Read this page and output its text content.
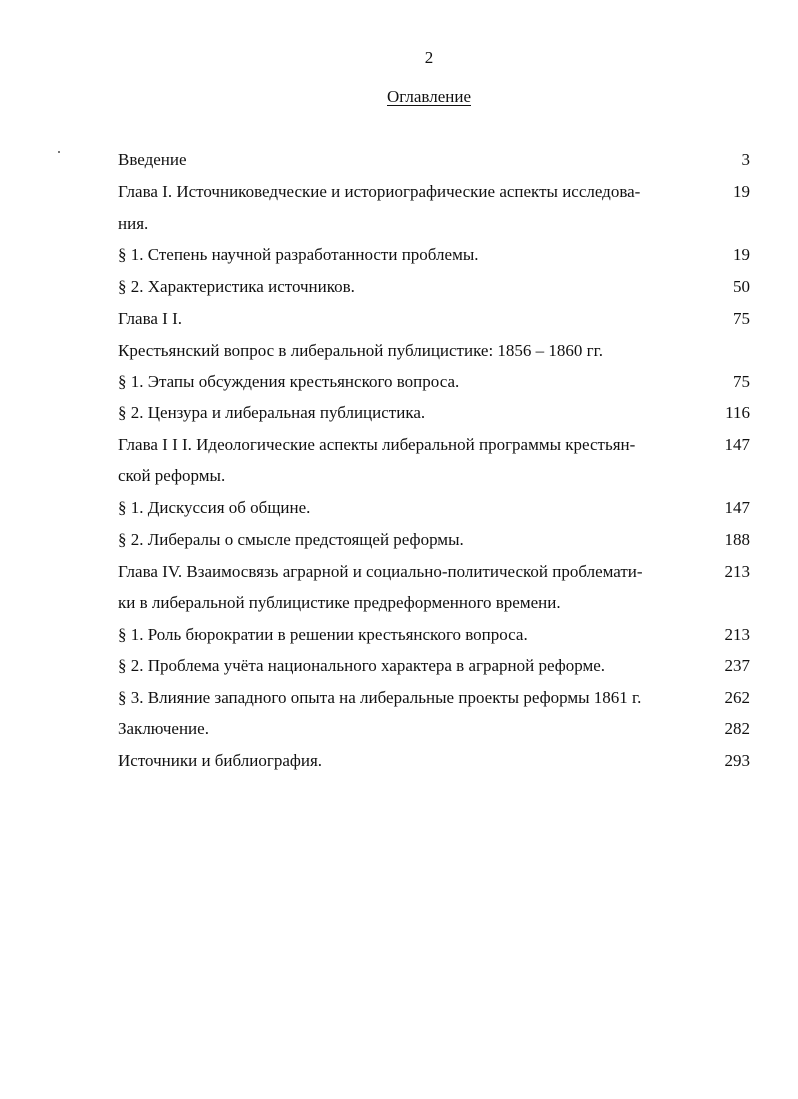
2
Оглавление
Введение	3
Глава I. Источниковедческие и историографические аспекты исследова-	19
ния.
§ 1. Степень научной разработанности проблемы.	19
§ 2. Характеристика источников.	50
Глава I I.	75
Крестьянский вопрос в либеральной публицистике: 1856 – 1860 гг.
§ 1. Этапы обсуждения крестьянского вопроса.	75
§ 2. Цензура и либеральная публицистика.	116
Глава I I I. Идеологические аспекты либеральной программы крестьян-	147
ской реформы.
§ 1. Дискуссия об общине.	147
§ 2. Либералы о смысле предстоящей реформы.	188
Глава IV. Взаимосвязь аграрной и социально-политической проблемати-	213
ки в либеральной публицистике предреформенного времени.
§ 1. Роль бюрократии в решении крестьянского вопроса.	213
§ 2. Проблема учёта национального характера в аграрной реформе.	237
§ 3. Влияние западного опыта на либеральные проекты реформы 1861 г.	262
Заключение.	282
Источники и библиография.	293
